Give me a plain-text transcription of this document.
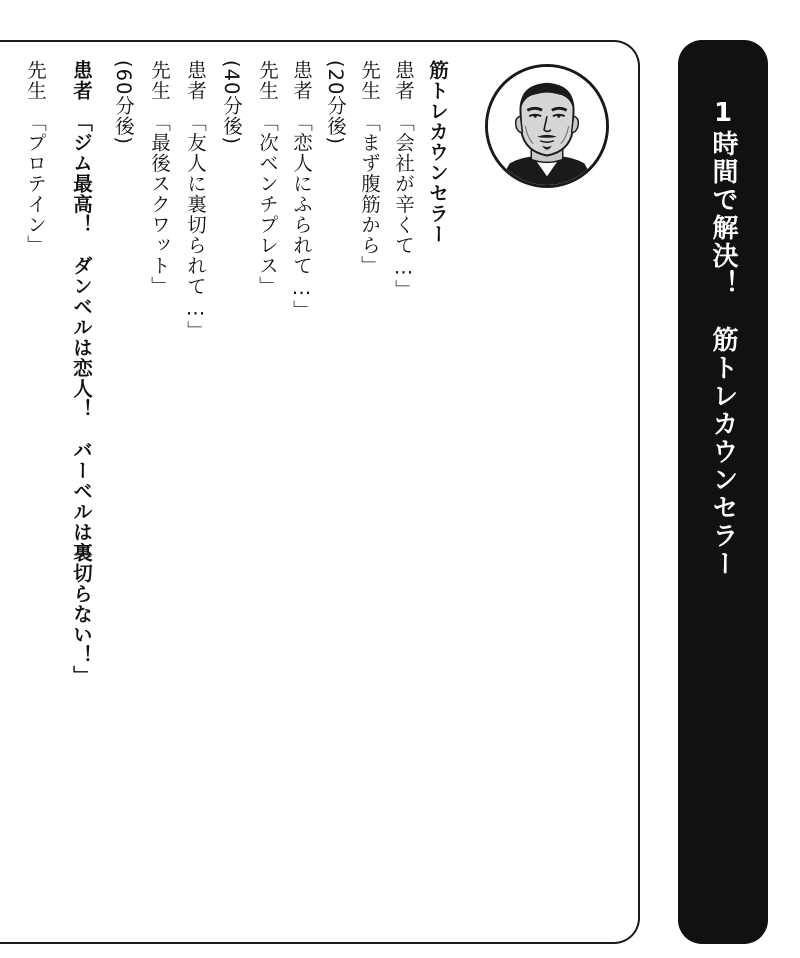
1時間で解決！　筋トレカウンセラー
筋トレカウンセラー
患者　「会社が辛くて…」
先生　「まず腹筋から」
(20分後)
患者　「恋人にふられて…」
先生　「次ベンチプレス」
(40分後)
患者　「友人に裏切られて…」
先生　「最後スクワット」
(60分後)
患者　「ジム最高！　ダンベルは恋人！　バーベルは裏切らない！」
先生　「プロテイン」
